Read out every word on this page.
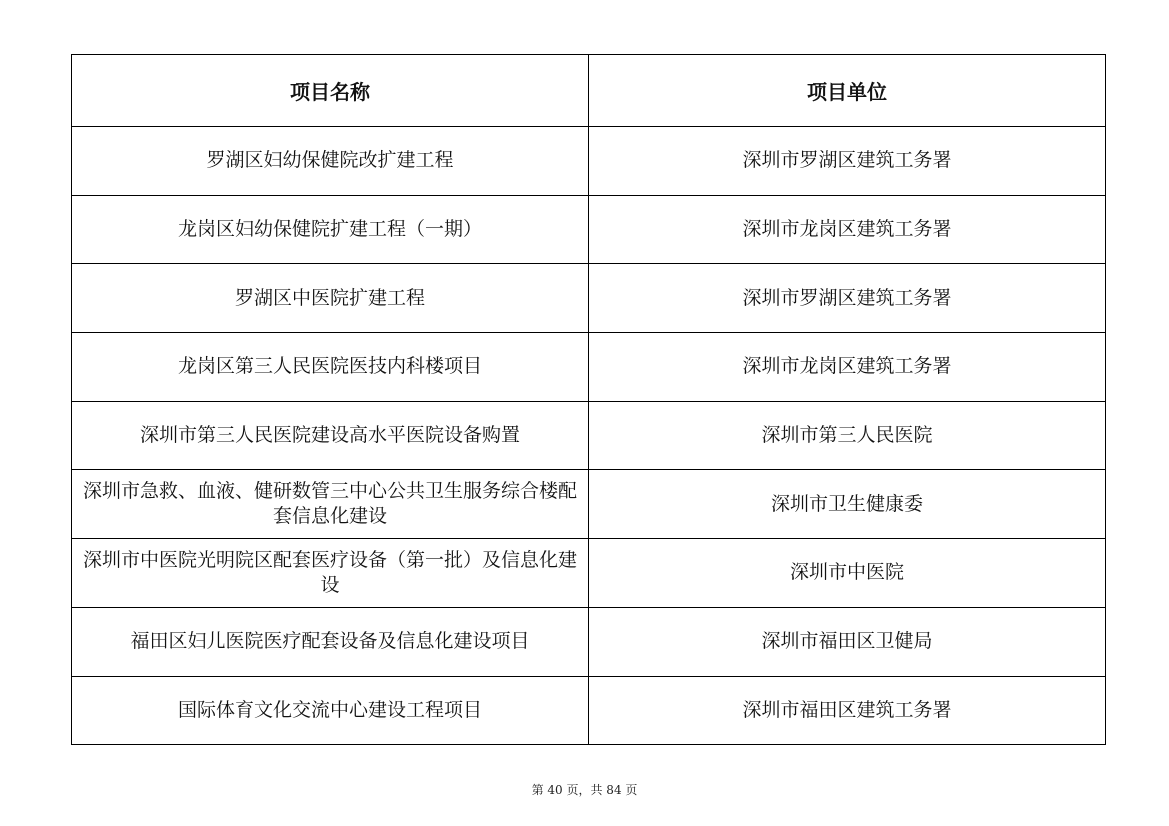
项目名称	项目单位
罗湖区妇幼保健院改扩建工程	深圳市罗湖区建筑工务署
龙岗区妇幼保健院扩建工程（一期）	深圳市龙岗区建筑工务署
罗湖区中医院扩建工程	深圳市罗湖区建筑工务署
龙岗区第三人民医院医技内科楼项目	深圳市龙岗区建筑工务署
深圳市第三人民医院建设高水平医院设备购置	深圳市第三人民医院
深圳市急救、血液、健研数管三中心公共卫生服务综合楼配套信息化建设	深圳市卫生健康委
深圳市中医院光明院区配套医疗设备（第一批）及信息化建设	深圳市中医院
福田区妇儿医院医疗配套设备及信息化建设项目	深圳市福田区卫健局
国际体育文化交流中心建设工程项目	深圳市福田区建筑工务署
第 40 页，共 84 页
